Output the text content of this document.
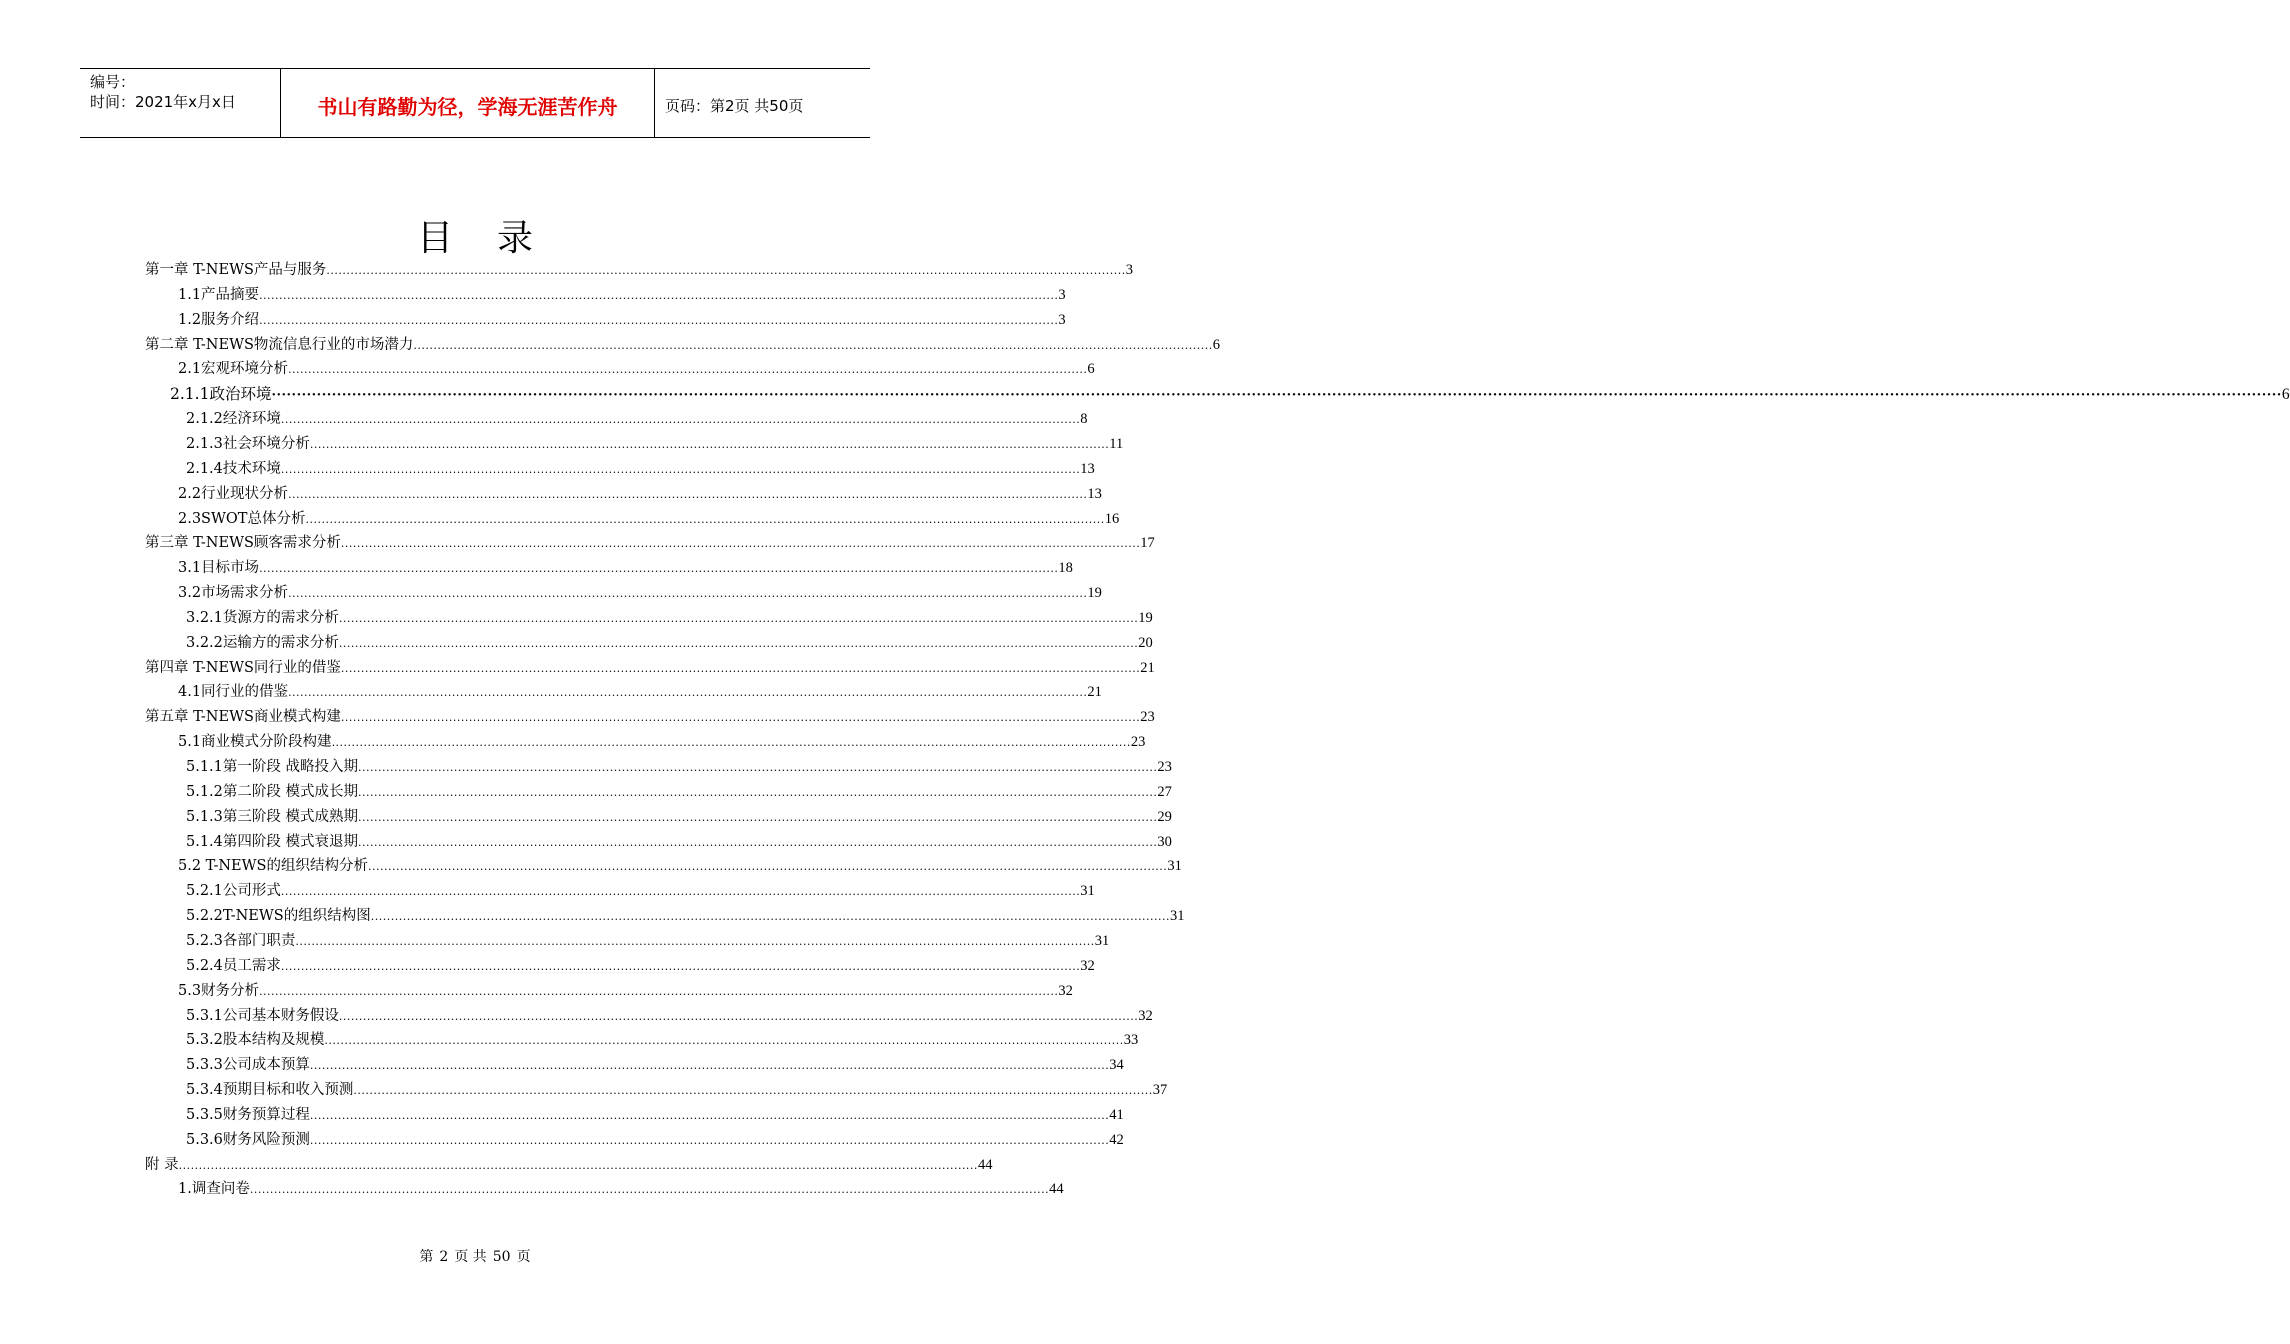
编号：
时间：2021年x月x日	书山有路勤为径，学海无涯苦作舟	页码：第2页 共50页
目录
第一章 T-NEWS产品与服务 ........................................................................................................................................................................................................ 3
1.1产品摘要 ........................................................................................................................................................................................................ 3
1.2服务介绍 ........................................................................................................................................................................................................ 3
第二章 T-NEWS物流信息行业的市场潜力 ........................................................................................................................................................................................................ 6
2.1宏观环境分析 ........................................................................................................................................................................................................ 6
2.1.1政治环境 ················································································································································································································································································································································································································ 6
2.1.2经济环境 ........................................................................................................................................................................................................ 8
2.1.3社会环境分析 ........................................................................................................................................................................................................ 11
2.1.4技术环境 ........................................................................................................................................................................................................ 13
2.2行业现状分析 ........................................................................................................................................................................................................ 13
2.3SWOT总体分析 ........................................................................................................................................................................................................ 16
第三章 T-NEWS顾客需求分析 ........................................................................................................................................................................................................ 17
3.1目标市场 ........................................................................................................................................................................................................ 18
3.2市场需求分析 ........................................................................................................................................................................................................ 19
3.2.1货源方的需求分析 ........................................................................................................................................................................................................ 19
3.2.2运输方的需求分析 ........................................................................................................................................................................................................ 20
第四章 T-NEWS同行业的借鉴 ........................................................................................................................................................................................................ 21
4.1同行业的借鉴 ........................................................................................................................................................................................................ 21
第五章 T-NEWS商业模式构建 ........................................................................................................................................................................................................ 23
5.1商业模式分阶段构建 ........................................................................................................................................................................................................ 23
5.1.1第一阶段 战略投入期 ........................................................................................................................................................................................................ 23
5.1.2第二阶段 模式成长期 ........................................................................................................................................................................................................ 27
5.1.3第三阶段 模式成熟期 ........................................................................................................................................................................................................ 29
5.1.4第四阶段 模式衰退期 ........................................................................................................................................................................................................ 30
5.2 T-NEWS的组织结构分析 ........................................................................................................................................................................................................ 31
5.2.1公司形式 ........................................................................................................................................................................................................ 31
5.2.2T-NEWS的组织结构图 ........................................................................................................................................................................................................ 31
5.2.3各部门职责 ........................................................................................................................................................................................................ 31
5.2.4员工需求 ........................................................................................................................................................................................................ 32
5.3财务分析 ........................................................................................................................................................................................................ 32
5.3.1公司基本财务假设 ........................................................................................................................................................................................................ 32
5.3.2股本结构及规模 ........................................................................................................................................................................................................ 33
5.3.3公司成本预算 ........................................................................................................................................................................................................ 34
5.3.4预期目标和收入预测 ........................................................................................................................................................................................................ 37
5.3.5财务预算过程 ........................................................................................................................................................................................................ 41
5.3.6财务风险预测 ........................................................................................................................................................................................................ 42
附 录 ........................................................................................................................................................................................................ 44
1.调查问卷 ........................................................................................................................................................................................................ 44
第 2 页 共 50 页
